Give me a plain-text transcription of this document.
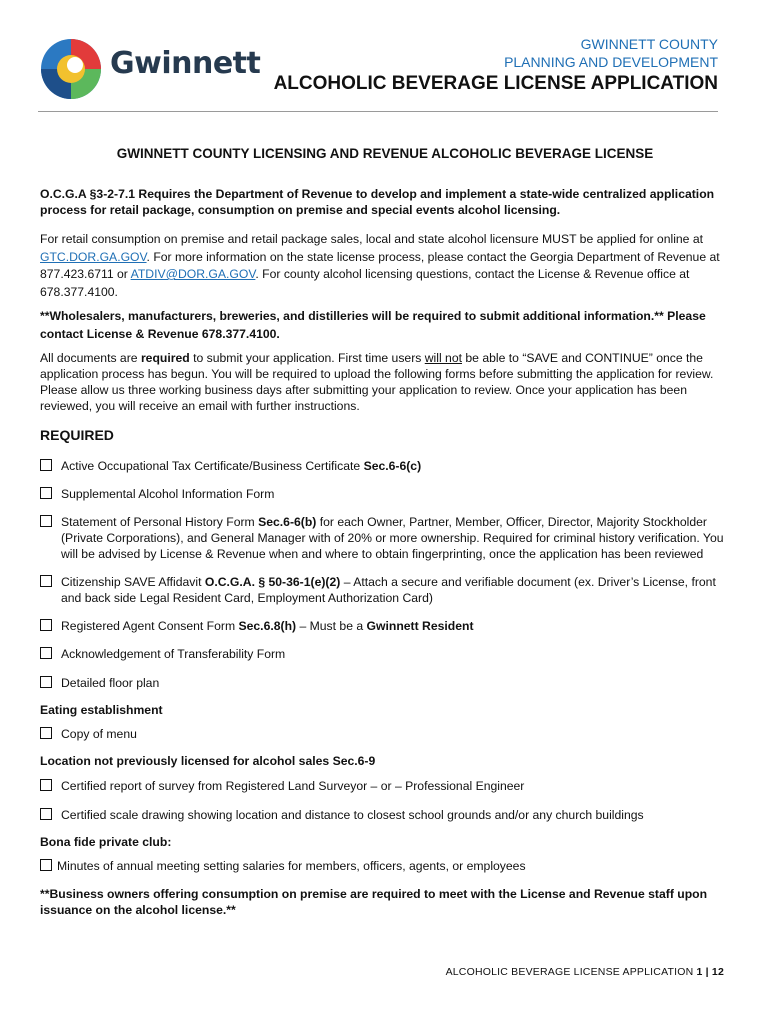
Gwinnett
GWINNETT COUNTY
PLANNING AND DEVELOPMENT
ALCOHOLIC BEVERAGE LICENSE APPLICATION
GWINNETT COUNTY LICENSING AND REVENUE ALCOHOLIC BEVERAGE LICENSE
O.C.G.A §3-2-7.1 Requires the Department of Revenue to develop and implement a state-wide centralized application process for retail package, consumption on premise and special events alcohol licensing.
For retail consumption on premise and retail package sales, local and state alcohol licensure MUST be applied for online at GTC.DOR.GA.GOV. For more information on the state license process, please contact the Georgia Department of Revenue at 877.423.6711 or ATDIV@DOR.GA.GOV. For county alcohol licensing questions, contact the License & Revenue office at 678.377.4100.
**Wholesalers, manufacturers, breweries, and distilleries will be required to submit additional information.** Please contact License & Revenue 678.377.4100.
All documents are required to submit your application. First time users will not be able to “SAVE and CONTINUE” once the application process has begun. You will be required to upload the following forms before submitting the application for review. Please allow us three working business days after submitting your application to review. Once your application has been reviewed, you will receive an email with further instructions.
REQUIRED
Active Occupational Tax Certificate/Business Certificate Sec.6-6(c)
Supplemental Alcohol Information Form
Statement of Personal History Form Sec.6-6(b) for each Owner, Partner, Member, Officer, Director, Majority Stockholder (Private Corporations), and General Manager with of 20% or more ownership. Required for criminal history verification. You will be advised by License & Revenue when and where to obtain fingerprinting, once the application has been reviewed
Citizenship SAVE Affidavit O.C.G.A. § 50-36-1(e)(2) – Attach a secure and verifiable document (ex. Driver’s License, front and back side Legal Resident Card, Employment Authorization Card)
Registered Agent Consent Form Sec.6.8(h) – Must be a Gwinnett Resident
Acknowledgement of Transferability Form
Detailed floor plan
Eating establishment
Copy of menu
Location not previously licensed for alcohol sales Sec.6-9
Certified report of survey from Registered Land Surveyor – or – Professional Engineer
Certified scale drawing showing location and distance to closest school grounds and/or any church buildings
Bona fide private club:
Minutes of annual meeting setting salaries for members, officers, agents, or employees
**Business owners offering consumption on premise are required to meet with the License and Revenue staff upon issuance on the alcohol license.**
ALCOHOLIC BEVERAGE LICENSE APPLICATION 1 | 12
